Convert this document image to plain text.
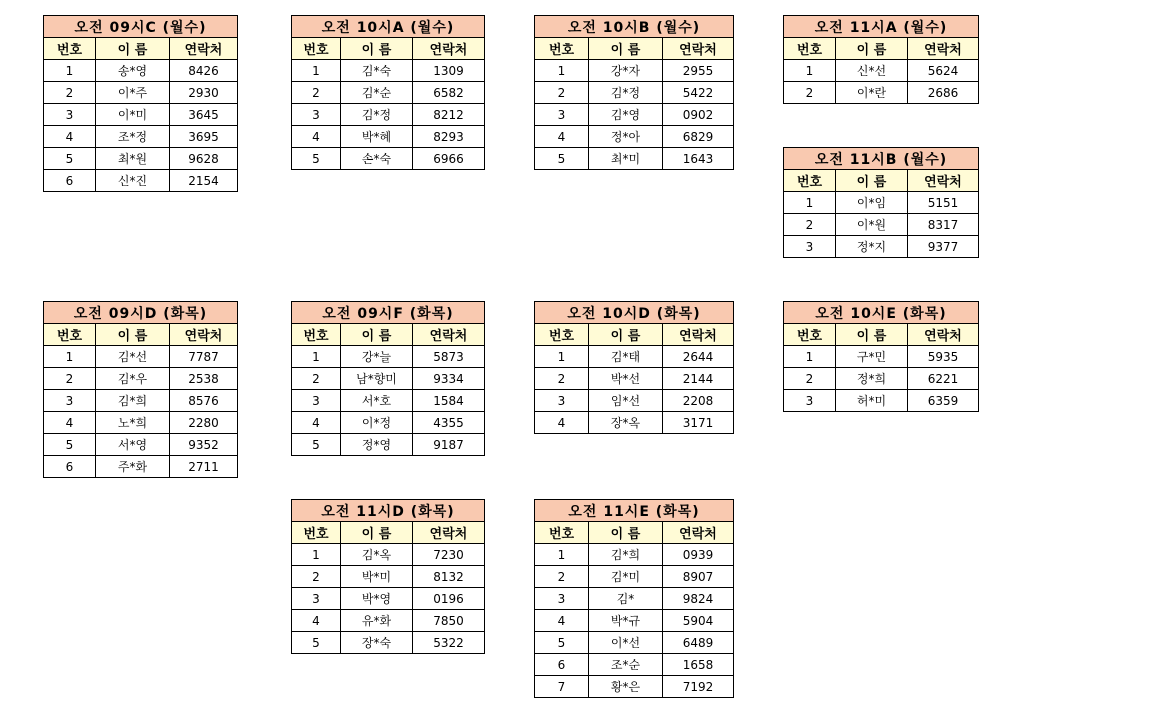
오전 09시C (월수)		
번호	이 름	연락처
1	송*영	8426
2	이*주	2930
3	이*미	3645
4	조*정	3695
5	최*원	9628
6	신*진	2154
오전 10시A (월수)		
번호	이 름	연락처
1	김*숙	1309
2	김*순	6582
3	김*정	8212
4	박*혜	8293
5	손*숙	6966
오전 10시B (월수)		
번호	이 름	연락처
1	강*자	2955
2	김*정	5422
3	김*영	0902
4	정*아	6829
5	최*미	1643
오전 11시A (월수)		
번호	이 름	연락처
1	신*선	5624
2	이*란	2686
오전 11시B (월수)		
번호	이 름	연락처
1	이*임	5151
2	이*원	8317
3	정*지	9377
오전 09시D (화목)		
번호	이 름	연락처
1	김*선	7787
2	김*우	2538
3	김*희	8576
4	노*희	2280
5	서*영	9352
6	주*화	2711
오전 09시F (화목)		
번호	이 름	연락처
1	강*늘	5873
2	남*향미	9334
3	서*호	1584
4	이*정	4355
5	정*영	9187
오전 10시D (화목)		
번호	이 름	연락처
1	김*태	2644
2	박*선	2144
3	임*선	2208
4	장*옥	3171
오전 10시E (화목)		
번호	이 름	연락처
1	구*민	5935
2	정*희	6221
3	허*미	6359
오전 11시D (화목)		
번호	이 름	연락처
1	김*옥	7230
2	박*미	8132
3	박*영	0196
4	유*화	7850
5	장*숙	5322
오전 11시E (화목)		
번호	이 름	연락처
1	김*희	0939
2	김*미	8907
3	김*	9824
4	박*규	5904
5	이*선	6489
6	조*순	1658
7	황*은	7192
